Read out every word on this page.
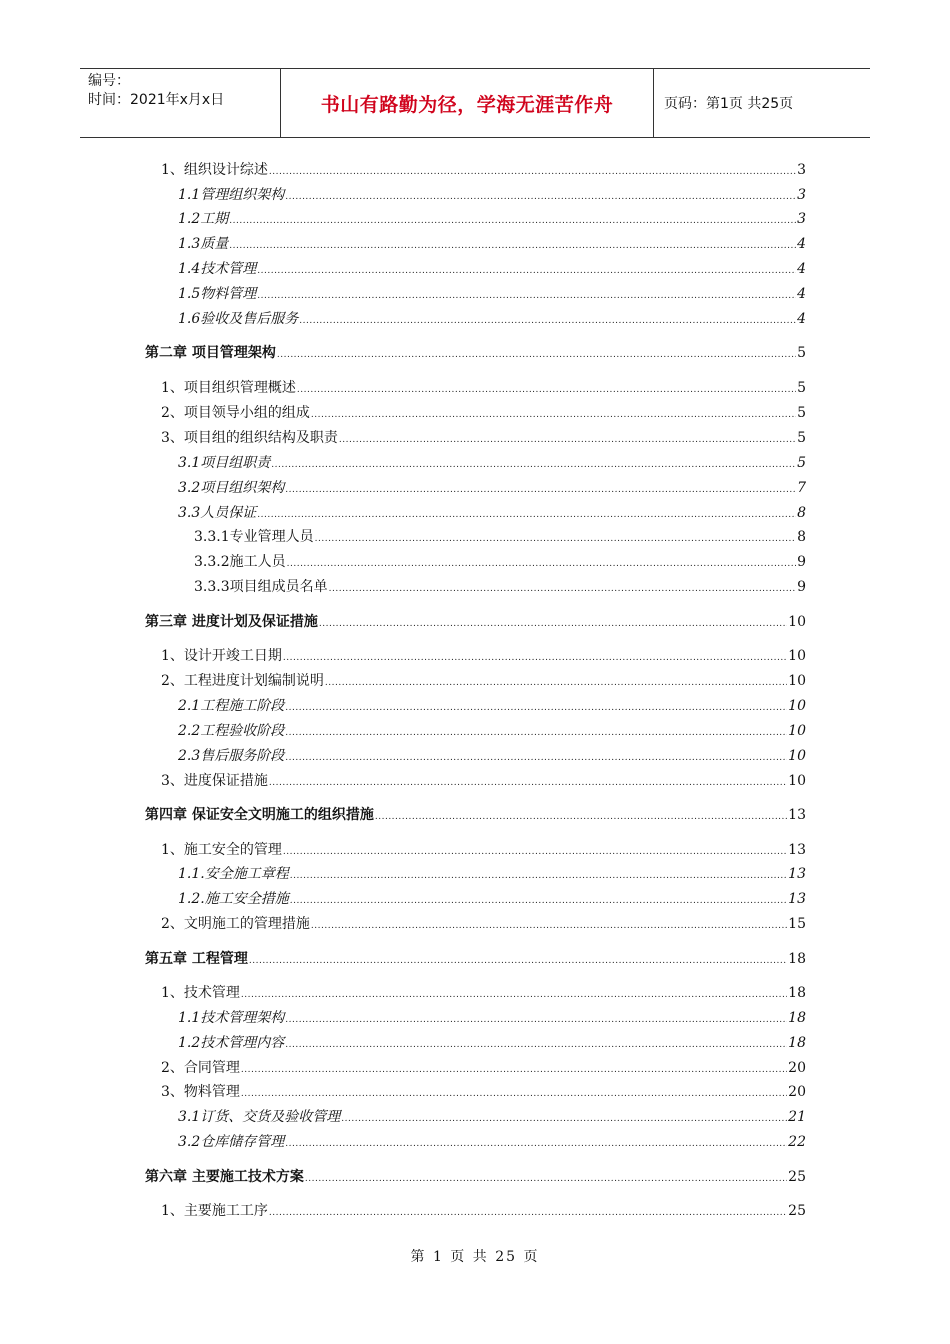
编号：
时间：2021年x月x日	书山有路勤为径，学海无涯苦作舟	页码：第1页 共25页
1、组织设计综述 .....	3
1.1管理组织架构 .....	3
1.2工期 .....	3
1.3质量 .....	4
1.4技术管理 .....	4
1.5物料管理 .....	4
1.6验收及售后服务 .....	4
第二章 项目管理架构 .....	5
1、项目组织管理概述 .....	5
2、项目领导小组的组成 .....	5
3、项目组的组织结构及职责 .....	5
3.1项目组职责 .....	5
3.2项目组织架构 .....	7
3.3人员保证 .....	8
3.3.1专业管理人员 .....	8
3.3.2施工人员 .....	9
3.3.3项目组成员名单 .....	9
第三章 进度计划及保证措施 .....	10
1、设计开竣工日期 .....	10
2、工程进度计划编制说明 .....	10
2.1工程施工阶段 .....	10
2.2工程验收阶段 .....	10
2.3售后服务阶段 .....	10
3、进度保证措施 .....	10
第四章 保证安全文明施工的组织措施 .....	13
1、施工安全的管理 .....	13
1.1.安全施工章程 .....	13
1.2.施工安全措施 .....	13
2、文明施工的管理措施 .....	15
第五章 工程管理 .....	18
1、技术管理 .....	18
1.1技术管理架构 .....	18
1.2技术管理内容 .....	18
2、合同管理 .....	20
3、物料管理 .....	20
3.1订货、交货及验收管理 .....	21
3.2仓库储存管理 .....	22
第六章 主要施工技术方案 .....	25
1、主要施工工序 .....	25
第 1 页 共 25 页
